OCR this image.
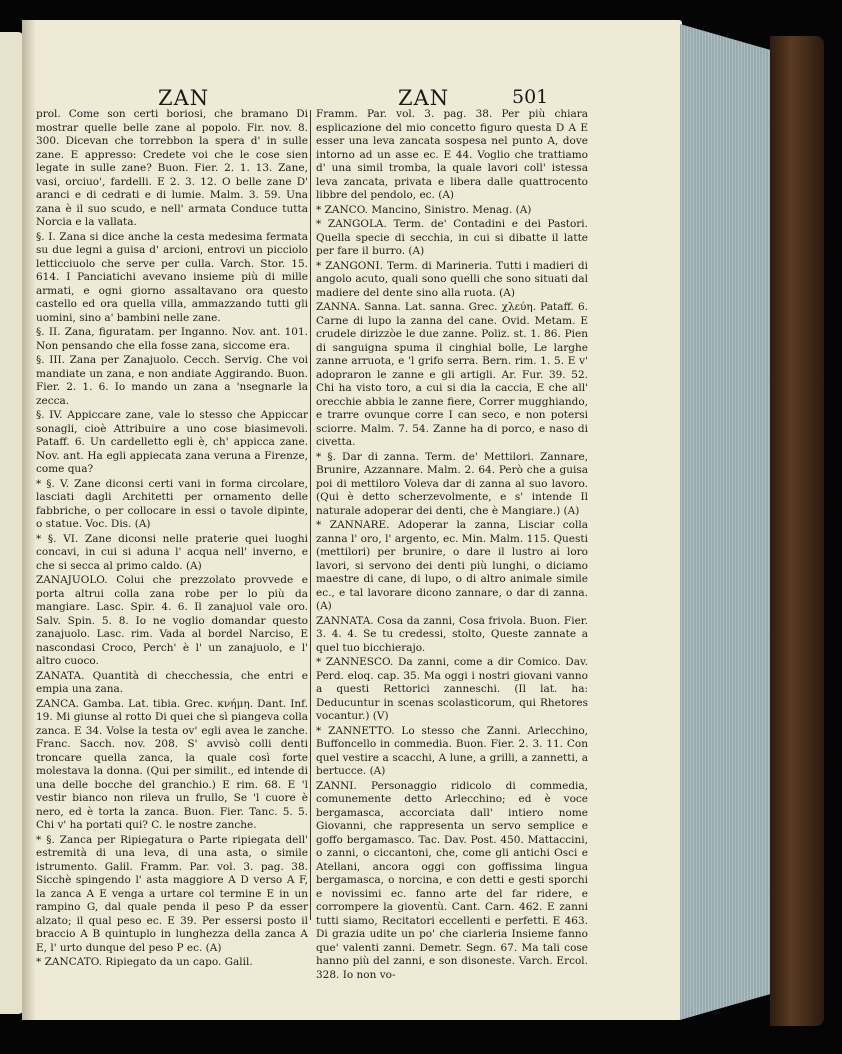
ZAN	ZAN	501

prol. Come son certi boriosi, che bramano Di mostrar quelle belle zane al popolo. Fir. nov. 8. 300. Dicevan che torrebbon la spera d' in sulle zane. E appresso: Credete voi che le cose sien legate in sulle zane? Buon. Fier. 2. 1. 13. Zane, vasi, orciuo', fardelli. E 2. 3. 12. O belle zane D' aranci e di cedrati e di lumie. Malm. 3. 59. Una zana è il suo scudo, e nell' armata Conduce tutta Norcia e la vallata.

§. I. Zana si dice anche la cesta medesima fermata su due legni a guisa d' arcioni, entrovi un picciolo letticciuolo che serve per culla. Varch. Stor. 15. 614. I Panciatichi avevano insieme più di mille armati, e ogni giorno assaltavano ora questo castello ed ora quella villa, ammazzando tutti gli uomini, sino a' bambini nelle zane.

§. II. Zana, figuratam. per Inganno. Nov. ant. 101. Non pensando che ella fosse zana, siccome era.

§. III. Zana per Zanajuolo. Cecch. Servig. Che voi mandiate un zana, e non andiate Aggirando. Buon. Fier. 2. 1. 6. Io mando un zana a 'nsegnarle la zecca.

§. IV. Appiccare zane, vale lo stesso che Appiccar sonagli, cioè Attribuire a uno cose biasimevoli. Pataff. 6. Un cardelletto egli è, ch' appicca zane. Nov. ant. Ha egli appiecata zana veruna a Firenze, come qua?

* §. V. Zane diconsi certi vani in forma circolare, lasciati dagli Architetti per ornamento delle fabbriche, o per collocare in essi o tavole dipinte, o statue. Voc. Dis. (A)

* §. VI. Zane diconsi nelle praterie quei luoghi concavi, in cui si aduna l' acqua nell' inverno, e che si secca al primo caldo. (A)

ZANAJUOLO. Colui che prezzolato provvede e porta altrui colla zana robe per lo più da mangiare. Lasc. Spir. 4. 6. Il zanajuol vale oro. Salv. Spin. 5. 8. Io ne voglio domandar questo zanajuolo. Lasc. rim. Vada al bordel Narciso, E nascondasi Croco, Perch' è l' un zanajuolo, e l' altro cuoco.

ZANATA. Quantità di checchessia, che entri e empia una zana.

ZANCA. Gamba. Lat. tibia. Grec. κνήμη. Dant. Inf. 19. Mi giunse al rotto Di quei che sì piangeva colla zanca. E 34. Volse la testa ov' egli avea le zanche. Franc. Sacch. nov. 208. S' avvisò colli denti troncare quella zanca, la quale così forte molestava la donna. (Qui per similit., ed intende di una delle bocche del granchio.) E rim. 68. E 'l vestir bianco non rileva un frullo, Se 'l cuore è nero, ed è torta la zanca. Buon. Fier. Tanc. 5. 5. Chi v' ha portati qui? C. le nostre zanche.

* §. Zanca per Ripiegatura o Parte ripiegata dell' estremità di una leva, di una asta, o simile istrumento. Galil. Framm. Par. vol. 3. pag. 38. Sicchè spingendo l' asta maggiore A D verso A F, la zanca A E venga a urtare col termine E in un rampino G, dal quale penda il peso P da esser alzato; il qual peso ec. E 39. Per essersi posto il braccio A B quintuplo in lunghezza della zanca A E, l' urto dunque del peso P ec. (A)

* ZANCATO. Ripiegato da un capo. Galil.

Framm. Par. vol. 3. pag. 38. Per più chiara esplicazione del mio concetto figuro questa D A E esser una leva zancata sospesa nel punto A, dove intorno ad un asse ec. E 44. Voglio che trattiamo d' una simil tromba, la quale lavori coll' istessa leva zancata, privata e libera dalle quattrocento libbre del pendolo, ec. (A)

* ZANCO. Mancino, Sinistro. Menag. (A)

* ZANGOLA. Term. de' Contadini e dei Pastori. Quella specie di secchia, in cui si dibatte il latte per fare il burro. (A)

* ZANGONI. Term. di Marineria. Tutti i madieri di angolo acuto, quali sono quelli che sono situati dal madiere del dente sino alla ruota. (A)

ZANNA. Sanna. Lat. sanna. Grec. χλεύη. Pataff. 6. Carne di lupo la zanna del cane. Ovid. Metam. E crudele dirizzòe le due zanne. Poliz. st. 1. 86. Pien di sanguigna spuma il cinghial bolle, Le larghe zanne arruota, e 'l grifo serra. Bern. rim. 1. 5. E v' adopraron le zanne e gli artigli. Ar. Fur. 39. 52. Chi ha visto toro, a cui si dia la caccia, E che all' orecchie abbia le zanne fiere, Correr mugghiando, e trarre ovunque corre I can seco, e non potersi sciorre. Malm. 7. 54. Zanne ha di porco, e naso di civetta.

* §. Dar di zanna. Term. de' Mettilori. Zannare, Brunire, Azzannare. Malm. 2. 64. Però che a guisa poi di mettiloro Voleva dar di zanna al suo lavoro. (Qui è detto scherzevolmente, e s' intende Il naturale adoperar dei denti, che è Mangiare.) (A)

* ZANNARE. Adoperar la zanna, Lisciar colla zanna l' oro, l' argento, ec. Min. Malm. 115. Questi (mettilori) per brunire, o dare il lustro ai loro lavori, si servono dei denti più lunghi, o diciamo maestre di cane, di lupo, o di altro animale simile ec., e tal lavorare dicono zannare, o dar di zanna. (A)

ZANNATA. Cosa da zanni, Cosa frivola. Buon. Fier. 3. 4. 4. Se tu credessi, stolto, Queste zannate a quel tuo bicchierajo.

* ZANNESCO. Da zanni, come a dir Comico. Dav. Perd. eloq. cap. 35. Ma oggi i nostri giovani vanno a questi Rettorici zanneschi. (Il lat. ha: Deducuntur in scenas scolasticorum, qui Rhetores vocantur.) (V)

* ZANNETTO. Lo stesso che Zanni. Arlecchino, Buffoncello in commedia. Buon. Fier. 2. 3. 11. Con quel vestire a scacchi, A lune, a grilli, a zannetti, a bertucce. (A)

ZANNI. Personaggio ridicolo di commedia, comunemente detto Arlecchino; ed è voce bergamasca, accorciata dall' intiero nome Giovanni, che rappresenta un servo semplice e goffo bergamasco. Tac. Dav. Post. 450. Mattaccini, o zanni, o ciccantoni, che, come gli antichi Osci e Atellani, ancora oggi con goffissima lingua bergamasca, o norcina, e con detti e gesti sporchi e novissimi ec. fanno arte del far ridere, e corrompere la gioventù. Cant. Carn. 462. E zanni tutti siamo, Recitatori eccellenti e perfetti. E 463. Di grazia udite un po' che ciarleria Insieme fanno que' valenti zanni. Demetr. Segn. 67. Ma tali cose hanno più del zanni, e son disoneste. Varch. Ercol. 328. Io non vo-
